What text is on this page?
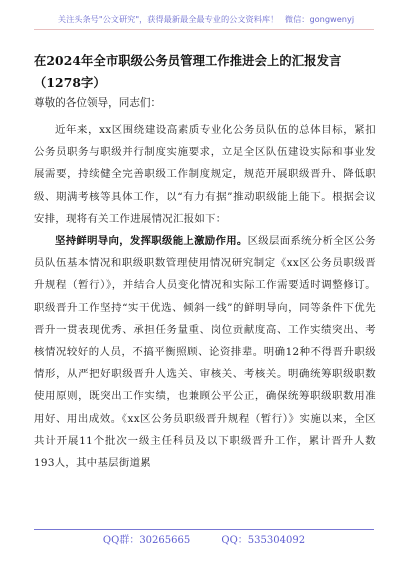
关注头条号"公文研究"，获得最新最全最专业的公文资料库！ 微信：gongwenyj
在2024年全市职级公务员管理工作推进会上的汇报发言（1278字）
尊敬的各位领导，同志们：

近年来，xx区围绕建设高素质专业化公务员队伍的总体目标，紧扣公务员职务与职级并行制度实施要求，立足全区队伍建设实际和事业发展需要，持续健全完善职级工作制度规定，规范开展职级晋升、降低职级、期满考核等具体工作，以“有力有据”推动职级能上能下。根据会议安排，现将有关工作进展情况汇报如下：

坚持鲜明导向，发挥职级能上激励作用。区级层面系统分析全区公务员队伍基本情况和职级职数管理使用情况研究制定《xx区公务员职级晋升规程（暂行）》，并结合人员变化情况和实际工作需要适时调整修订。职级晋升工作坚持“实干优选、倾斜一线”的鲜明导向，同等条件下优先晋升一贯表现优秀、承担任务量重、岗位贡献度高、工作实绩突出、考核情况较好的人员，不搞平衡照顾、论资排辈。明确12种不得晋升职级情形，从严把好职级晋升人选关、审核关、考核关。明确统筹职级职数使用原则，既突出工作实绩，也兼顾公平公正，确保统筹职级职数用准用好、用出成效。《xx区公务员职级晋升规程（暂行）》实施以来，全区共计开展11个批次一级主任科员及以下职级晋升工作，累计晋升人数193人，其中基层街道累

QQ群：30265665	QQ：535304092
